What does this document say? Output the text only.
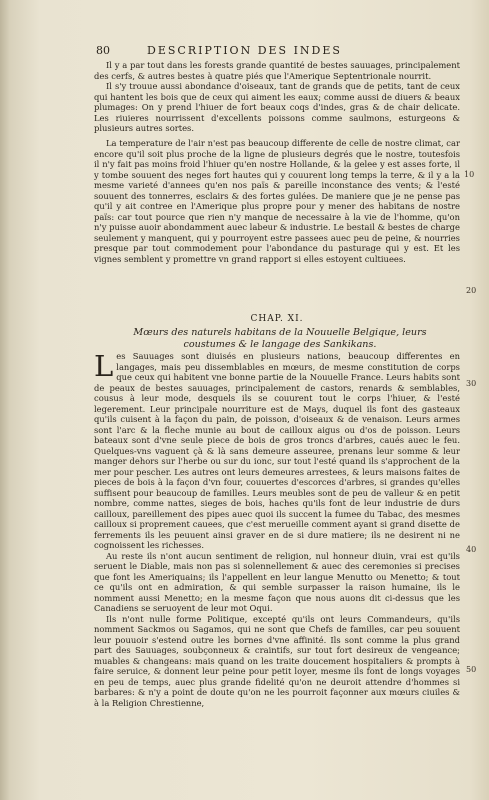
80	DESCRIPTION DES INDES

Il y a par tout dans les forests grande quantité de bestes sauuages, principalement des cerfs, & autres bestes à quatre piés que l'Amerique Septentrionale nourrit.

Il s'y trouue aussi abondance d'oiseaux, tant de grands que de petits, tant de ceux qui hantent les bois que de ceux qui aiment les eaux; comme aussi de diuers & beaux plumages: On y prend l'hiuer de fort beaux coqs d'indes, gras & de chair delicate. Les riuieres nourrissent d'excellents poissons comme saulmons, esturgeons & plusieurs autres sortes.

La temperature de l'air n'est pas beaucoup differente de celle de nostre climat, car encore qu'il soit plus proche de la ligne de plusieurs degrés que le nostre, toutesfois il n'y fait pas moins froid l'hiuer qu'en nostre Hollande, & la gelee y est asses forte, il y tombe souuent des neges fort hautes qui y couurent long temps la terre, & il y a la mesme varieté d'annees qu'en nos païs & pareille inconstance des vents; & l'esté souuent des tonnerres, esclairs & des fortes gulées. De maniere que je ne pense pas qu'il y ait contree en l'Amerique plus propre pour y mener des habitans de nostre païs: car tout pource que rien n'y manque de necessaire à la vie de l'homme, qu'on n'y puisse auoir abondamment auec labeur & industrie. Le bestail & bestes de charge seulement y manquent, qui y pourroyent estre passees auec peu de peine, & nourries presque par tout commodement pour l'abondance du pasturage qui y est. Et les vignes semblent y promettre vn grand rapport si elles estoyent cultiuees.

CHAP. XI.
Mœurs des naturels habitans de la Nouuelle Belgique, leurs coustumes & le langage des Sankikans.

Les Sauuages sont diuisés en plusieurs nations, beaucoup differentes en langages, mais peu dissemblables en mœurs, de mesme constitution de corps que ceux qui habitent vne bonne partie de la Nouuelle France. Leurs habits sont de peaux de bestes sauuages, principalement de castors, renards & semblables, cousus à leur mode, desquels ils se couurent tout le corps l'hiuer, & l'esté legerement. Leur principale nourriture est de Mays, duquel ils font des gasteaux qu'ils cuisent à la façon du pain, de poisson, d'oiseaux & de venaison. Leurs armes sont l'arc & la fleche munie au bout de cailloux aigus ou d'os de poisson. Leurs bateaux sont d'vne seule piece de bois de gros troncs d'arbres, caués auec le feu. Quelques-vns vaguent çà & là sans demeure asseuree, prenans leur somme & leur manger dehors sur l'herbe ou sur du ionc, sur tout l'esté quand ils s'approchent de la mer pour pescher. Les autres ont leurs demeures arrestees, & leurs maisons faites de pieces de bois à la façon d'vn four, couuertes d'escorces d'arbres, si grandes qu'elles suffisent pour beaucoup de familles. Leurs meubles sont de peu de valleur & en petit nombre, comme nattes, sieges de bois, haches qu'ils font de leur industrie de durs cailloux, pareillement des pipes auec quoi ils succent la fumee du Tabac, des mesmes cailloux si proprement cauees, que c'est merueille comment ayant si grand disette de ferrements ils les peuuent ainsi graver en de si dure matiere; ils ne desirent ni ne cognoissent les richesses.

Au reste ils n'ont aucun sentiment de religion, nul honneur diuin, vrai est qu'ils seruent le Diable, mais non pas si solennellement & auec des ceremonies si precises que font les Ameriquains; ils l'appellent en leur langue Menutto ou Menetto; & tout ce qu'ils ont en admiration, & qui semble surpasser la raison humaine, ils le nomment aussi Menetto; en la mesme façon que nous auons dit ci-dessus que les Canadiens se seruoyent de leur mot Oqui.

Ils n'ont nulle forme Politique, excepté qu'ils ont leurs Commandeurs, qu'ils nomment Sackmos ou Sagamos, qui ne sont que Chefs de familles, car peu souuent leur pouuoir s'estend outre les bornes d'vne affinité. Ils sont comme la plus grand part des Sauuages, soubçonneux & craintifs, sur tout fort desireux de vengeance; muables & changeans: mais quand on les traite doucement hospitaliers & prompts à faire seruice, & donnent leur peine pour petit loyer, mesme ils font de longs voyages en peu de temps, auec plus grande fidelité qu'on ne deuroit attendre d'hommes si barbares: & n'y a point de doute qu'on ne les pourroit façonner aux mœurs ciuiles & à la Religion Chrestienne,

10
20
30
40
50
